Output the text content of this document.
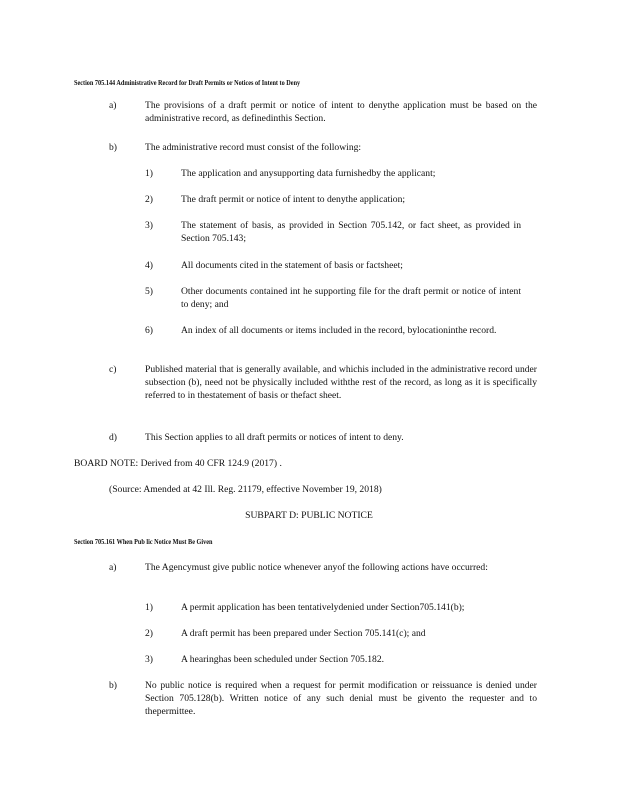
Section 705.144 Administrative Record for Draft Permits or Notices of Intent to Deny
a)	The provisions of a draft permit or notice of intent to denythe application must be based on the administrative record, as definedinthis Section.
b)	The administrative record must consist of the following:
1)	The application and anysupporting data furnishedby the applicant;
2)	The draft permit or notice of intent to denythe application;
3)	The statement of basis, as provided in Section 705.142, or fact sheet, as provided in Section 705.143;
4)	All documents cited in the statement of basis or factsheet;
5)	Other documents contained int he supporting file for the draft permit or notice of intent to deny; and
6)	An index of all documents or items included in the record, bylocationinthe record.
c)	Published material that is generally available, and whichis included in the administrative record under subsection (b), need not be physically included withthe rest of the record, as long as it is specifically referred to in thestatement of basis or thefact sheet.
d)	This Section applies to all draft permits or notices of intent to deny.
BOARD NOTE: Derived from 40 CFR 124.9 (2017) .
(Source: Amended at 42 Ill. Reg. 21179, effective November 19, 2018)
SUBPART D: PUBLIC NOTICE
Section 705.161 When Pub lic Notice Must Be Given
a)	The Agencymust give public notice whenever anyof the following actions have occurred:
1)	A permit application has been tentativelydenied under Section705.141(b);
2)	A draft permit has been prepared under Section 705.141(c); and
3)	A hearinghas been scheduled under Section 705.182.
b)	No public notice is required when a request for permit modification or reissuance is denied under Section 705.128(b). Written notice of any such denial must be givento the requester and to thepermittee.
